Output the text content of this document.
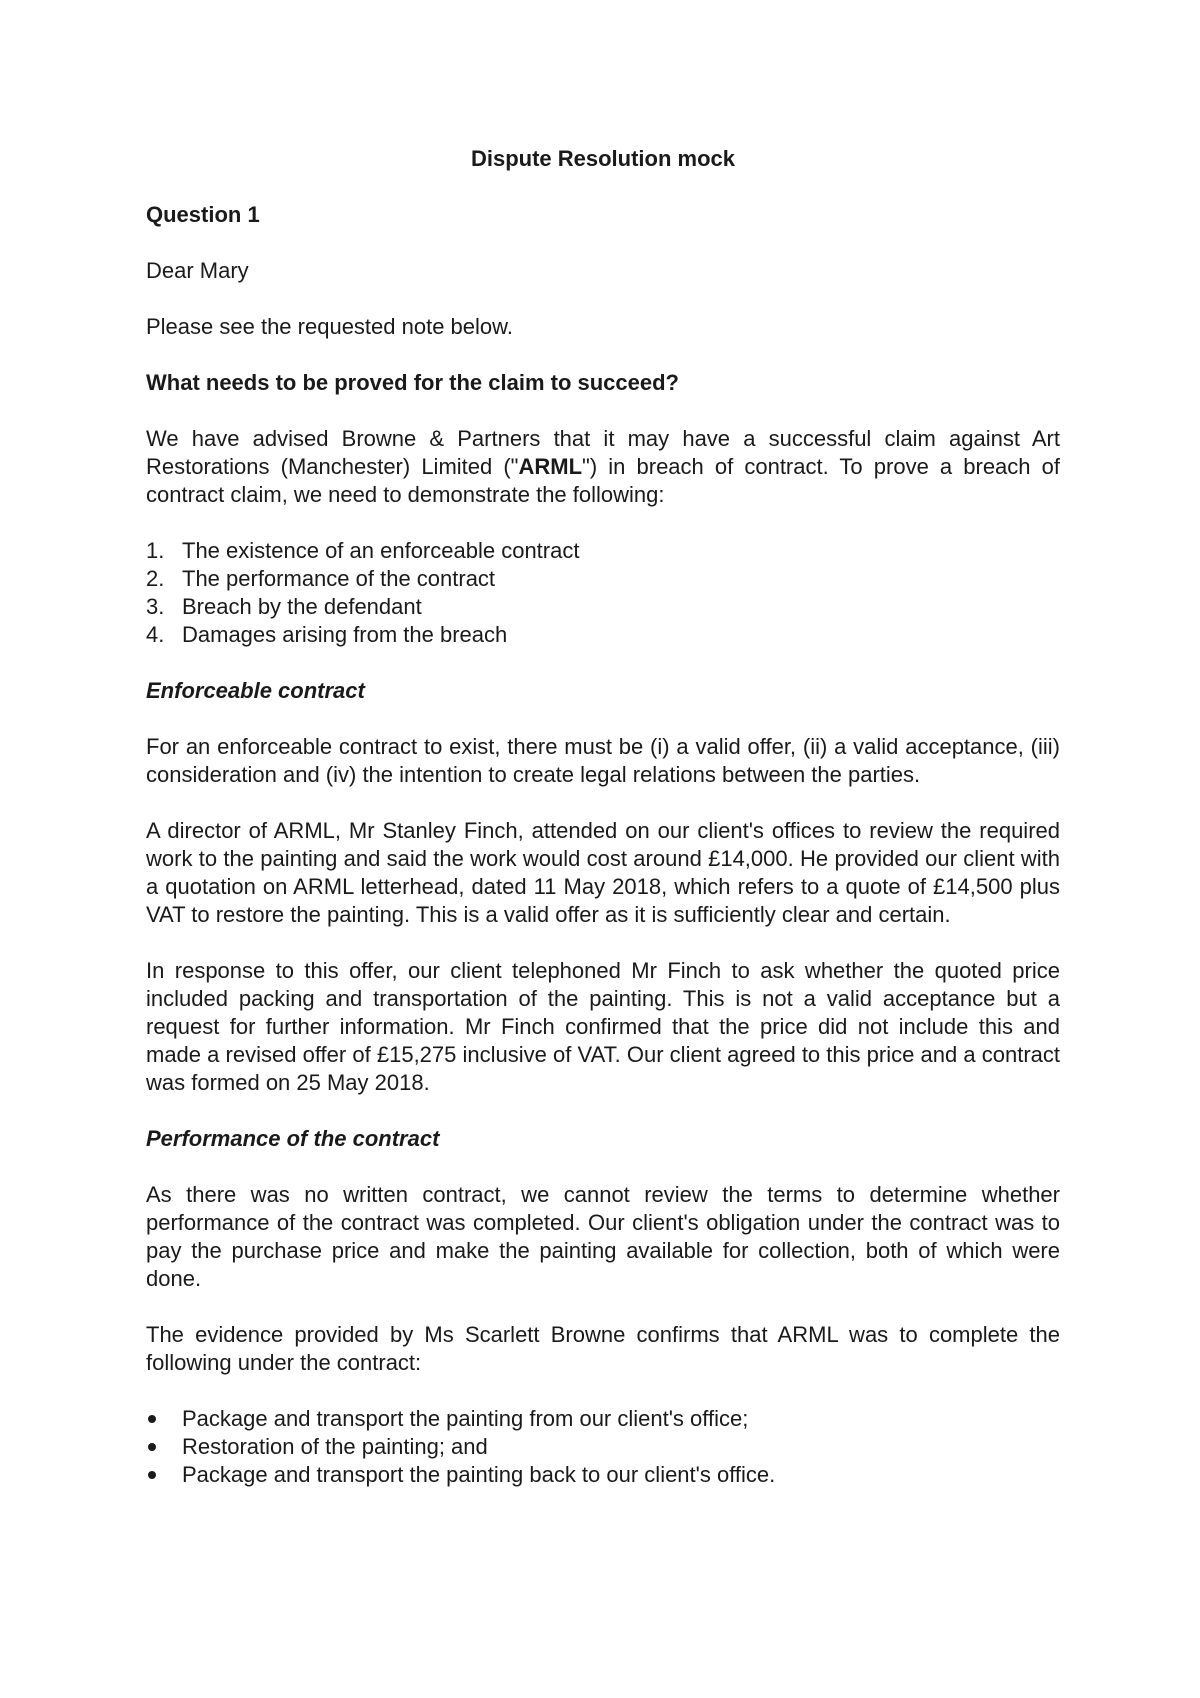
Dispute Resolution mock
Question 1

Dear Mary

Please see the requested note below.

What needs to be proved for the claim to succeed?

We have advised Browne & Partners that it may have a successful claim against Art Restorations (Manchester) Limited ("ARML") in breach of contract. To prove a breach of contract claim, we need to demonstrate the following:

1. The existence of an enforceable contract
2. The performance of the contract
3. Breach by the defendant
4. Damages arising from the breach
Enforceable contract

For an enforceable contract to exist, there must be (i) a valid offer, (ii) a valid acceptance, (iii) consideration and (iv) the intention to create legal relations between the parties.

A director of ARML, Mr Stanley Finch, attended on our client's offices to review the required work to the painting and said the work would cost around £14,000. He provided our client with a quotation on ARML letterhead, dated 11 May 2018, which refers to a quote of £14,500 plus VAT to restore the painting. This is a valid offer as it is sufficiently clear and certain.

In response to this offer, our client telephoned Mr Finch to ask whether the quoted price included packing and transportation of the painting. This is not a valid acceptance but a request for further information. Mr Finch confirmed that the price did not include this and made a revised offer of £15,275 inclusive of VAT. Our client agreed to this price and a contract was formed on 25 May 2018.

Performance of the contract

As there was no written contract, we cannot review the terms to determine whether performance of the contract was completed. Our client's obligation under the contract was to pay the purchase price and make the painting available for collection, both of which were done.

The evidence provided by Ms Scarlett Browne confirms that ARML was to complete the following under the contract:

Package and transport the painting from our client's office;
Restoration of the painting; and
Package and transport the painting back to our client's office.
